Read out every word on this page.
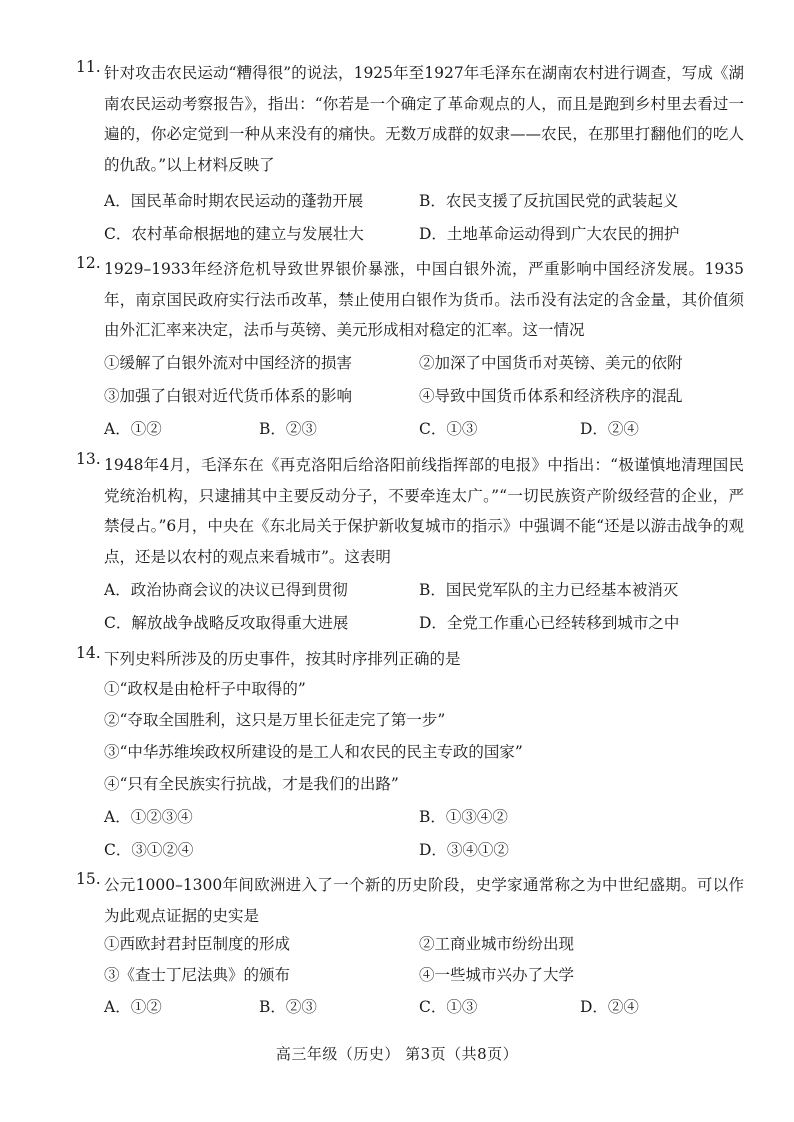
11. 针对攻击农民运动“糟得很”的说法，1925年至1927年毛泽东在湖南农村进行调查，写成《湖南农民运动考察报告》，指出：“你若是一个确定了革命观点的人，而且是跑到乡村里去看过一遍的，你必定觉到一种从来没有的痛快。无数万成群的奴隶——农民，在那里打翻他们的吃人的仇敌。”以上材料反映了
A．国民革命时期农民运动的蓬勃开展	B．农民支援了反抗国民党的武装起义
C．农村革命根据地的建立与发展壮大	D．土地革命运动得到广大农民的拥护
12. 1929–1933年经济危机导致世界银价暴涨，中国白银外流，严重影响中国经济发展。1935年，南京国民政府实行法币改革，禁止使用白银作为货币。法币没有法定的含金量，其价值须由外汇汇率来决定，法币与英镑、美元形成相对稳定的汇率。这一情况
①缓解了白银外流对中国经济的损害	②加深了中国货币对英镑、美元的依附
③加强了白银对近代货币体系的影响	④导致中国货币体系和经济秩序的混乱
A．①②	B．②③	C．①③	D．②④
13. 1948年4月，毛泽东在《再克洛阳后给洛阳前线指挥部的电报》中指出：“极谨慎地清理国民党统治机构，只逮捕其中主要反动分子，不要牵连太广。”“一切民族资产阶级经营的企业，严禁侵占。”6月，中央在《东北局关于保护新收复城市的指示》中强调不能“还是以游击战争的观点，还是以农村的观点来看城市”。这表明
A．政治协商会议的决议已得到贯彻	B．国民党军队的主力已经基本被消灭
C．解放战争战略反攻取得重大进展	D．全党工作重心已经转移到城市之中
14. 下列史料所涉及的历史事件，按其时序排列正确的是
①“政权是由枪杆子中取得的”
②“夺取全国胜利，这只是万里长征走完了第一步”
③“中华苏维埃政权所建设的是工人和农民的民主专政的国家”
④“只有全民族实行抗战，才是我们的出路”
A．①②③④	B．①③④②
C．③①②④	D．③④①②
15. 公元1000–1300年间欧洲进入了一个新的历史阶段，史学家通常称之为中世纪盛期。可以作为此观点证据的史实是
①西欧封君封臣制度的形成	②工商业城市纷纷出现
③《查士丁尼法典》的颁布	④一些城市兴办了大学
A．①②	B．②③	C．①③	D．②④
高三年级（历史） 第3页（共8页）
